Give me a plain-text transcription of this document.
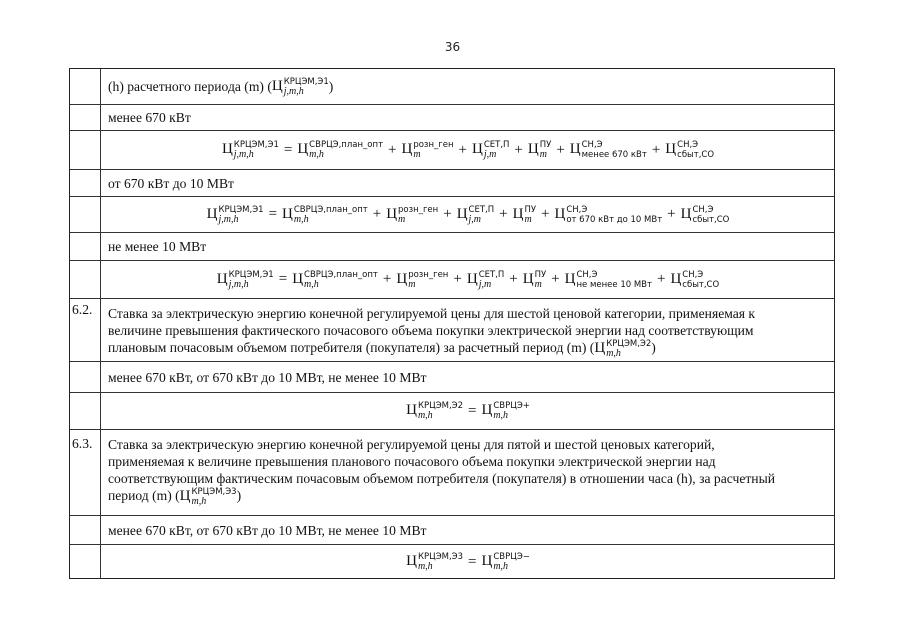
36
(h) расчетного периода (m) ( Ц КРЦЭМ,Э1
j,m,h	)
менее 670 кВт
Ц КРЦЭМ,Э1
j,m,h	= Ц СВРЦЭ,план_опт
m,h	+ Ц розн_ген
m	+ Ц СЕТ,П
j,m	+ Ц ПУ
m + Ц СН,Э
менее 670 кВт + Ц СН,Э
сбыт,СО
от 670 кВт до 10 МВт
Ц КРЦЭМ,Э1
j,m,h	= Ц СВРЦЭ,план_опт
m,h	+ Ц розн_ген
m	+ Ц СЕТ,П
j,m	+ Ц ПУ
m + Ц СН,Э
от 670 кВт до 10 МВт + Ц СН,Э
сбыт,СО
не менее 10 МВт
Ц КРЦЭМ,Э1
j,m,h	= Ц СВРЦЭ,план_опт
m,h	+ Ц розн_ген
m	+ Ц СЕТ,П
j,m	+ Ц ПУ
m + Ц СН,Э
не менее 10 МВт + Ц СН,Э
сбыт,СО
6.2. Ставка за электрическую энергию конечной регулируемой цены для шестой ценовой категории, применяемая к
величине превышения фактического почасового объема покупки электрической энергии над соответствующим
плановым почасовым объемом потребителя (покупателя) за расчетный период (m) (Ц КРЦЭМ,Э2
m,h	)
менее 670 кВт, от 670 кВт до 10 МВт, не менее 10 МВт
Ц КРЦЭМ,Э2
m,h	= Ц СВРЦЭ+
m,h
6.3. Ставка за электрическую энергию конечной регулируемой цены для пятой и шестой ценовых категорий,
применяемая к величине превышения планового почасового объема покупки электрической энергии над
соответствующим фактическим почасовым объемом потребителя (покупателя) в отношении часа (h), за расчетный
период (m) (Ц КРЦЭМ,Э3
m,h	)
менее 670 кВт, от 670 кВт до 10 МВт, не менее 10 МВт
Ц КРЦЭМ,Э3
m,h	= Ц СВРЦЭ−
m,h
